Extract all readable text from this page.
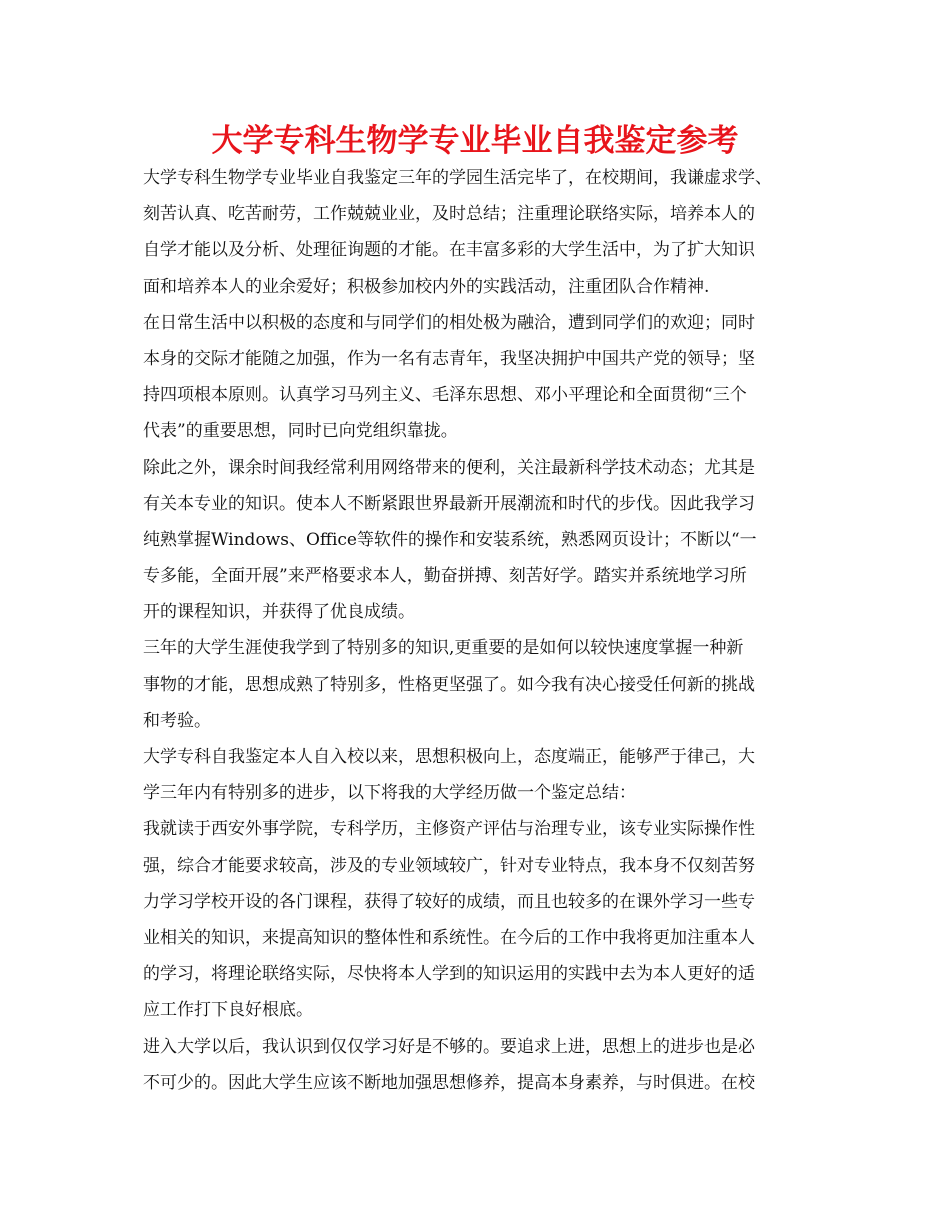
大学专科生物学专业毕业自我鉴定参考
大学专科生物学专业毕业自我鉴定三年的学园生活完毕了，在校期间，我谦虚求学、
刻苦认真、吃苦耐劳，工作兢兢业业，及时总结；注重理论联络实际，培养本人的
自学才能以及分析、处理征询题的才能。在丰富多彩的大学生活中，为了扩大知识
面和培养本人的业余爱好；积极参加校内外的实践活动，注重团队合作精神.
在日常生活中以积极的态度和与同学们的相处极为融洽，遭到同学们的欢迎；同时
本身的交际才能随之加强，作为一名有志青年，我坚决拥护中国共产党的领导；坚
持四项根本原则。认真学习马列主义、毛泽东思想、邓小平理论和全面贯彻“三个
代表”的重要思想，同时已向党组织靠拢。
除此之外，课余时间我经常利用网络带来的便利，关注最新科学技术动态；尤其是
有关本专业的知识。使本人不断紧跟世界最新开展潮流和时代的步伐。因此我学习
纯熟掌握Windows、Office等软件的操作和安装系统，熟悉网页设计；不断以“一
专多能，全面开展”来严格要求本人，勤奋拼搏、刻苦好学。踏实并系统地学习所
开的课程知识，并获得了优良成绩。
三年的大学生涯使我学到了特别多的知识,更重要的是如何以较快速度掌握一种新
事物的才能，思想成熟了特别多，性格更坚强了。如今我有决心接受任何新的挑战
和考验。
大学专科自我鉴定本人自入校以来，思想积极向上，态度端正，能够严于律己，大
学三年内有特别多的进步，以下将我的大学经历做一个鉴定总结：
我就读于西安外事学院，专科学历，主修资产评估与治理专业，该专业实际操作性
强，综合才能要求较高，涉及的专业领域较广，针对专业特点，我本身不仅刻苦努
力学习学校开设的各门课程，获得了较好的成绩，而且也较多的在课外学习一些专
业相关的知识，来提高知识的整体性和系统性。在今后的工作中我将更加注重本人
的学习，将理论联络实际，尽快将本人学到的知识运用的实践中去为本人更好的适
应工作打下良好根底。
进入大学以后，我认识到仅仅学习好是不够的。要追求上进，思想上的进步也是必
不可少的。因此大学生应该不断地加强思想修养，提高本身素养，与时俱进。在校
